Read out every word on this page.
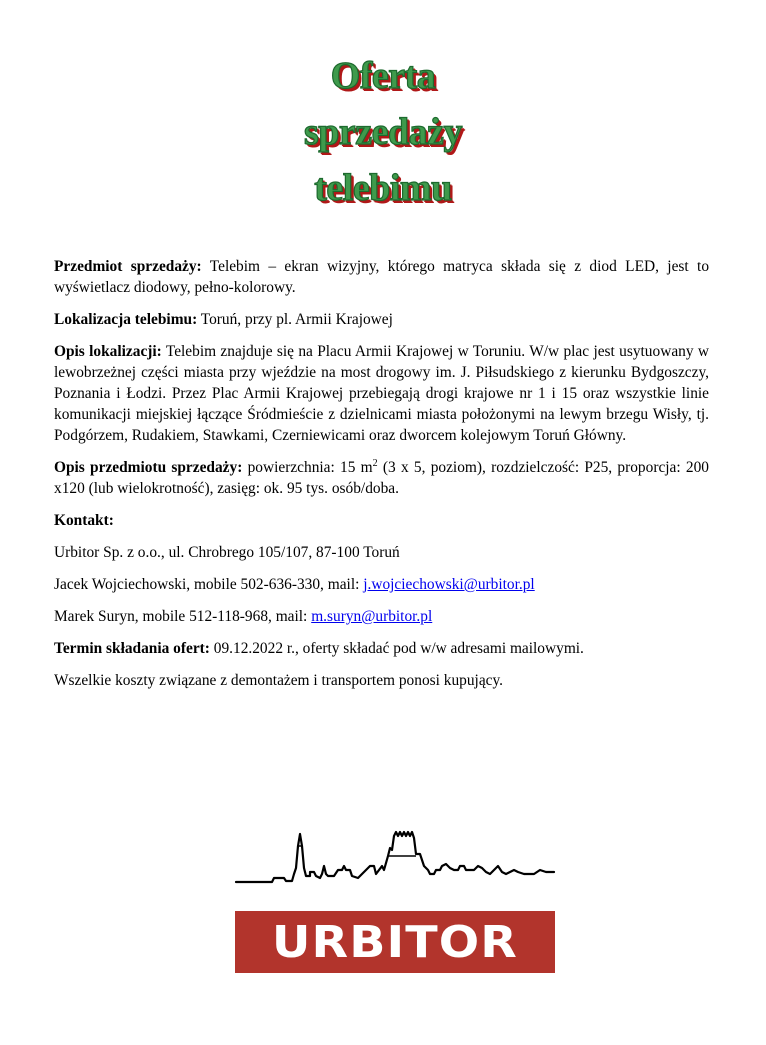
Oferta
sprzedaży
telebimu

Przedmiot sprzedaży: Telebim – ekran wizyjny, którego matryca składa się z diod LED, jest to wyświetlacz diodowy, pełno-kolorowy.

Lokalizacja telebimu: Toruń, przy pl. Armii Krajowej

Opis lokalizacji: Telebim znajduje się na Placu Armii Krajowej w Toruniu. W/w plac jest usytuowany w lewobrzeżnej części miasta przy wjeździe na most drogowy im. J. Piłsudskiego z kierunku Bydgoszczy, Poznania i Łodzi. Przez Plac Armii Krajowej przebiegają drogi krajowe nr 1 i 15 oraz wszystkie linie komunikacji miejskiej łączące Śródmieście z dzielnicami miasta położonymi na lewym brzegu Wisły, tj. Podgórzem, Rudakiem, Stawkami, Czerniewicami oraz dworcem kolejowym Toruń Główny.

Opis przedmiotu sprzedaży: powierzchnia: 15 $m^2$ (3 x 5, poziom), rozdzielczość: P25, proporcja: 200 x120 (lub wielokrotność), zasięg: ok. 95 tys. osób/doba.

Kontakt:

Urbitor Sp. z o.o., ul. Chrobrego 105/107, 87-100 Toruń

Jacek Wojciechowski, mobile 502-636-330, mail: j.wojciechowski@urbitor.pl

Marek Suryn, mobile 512-118-968, mail: m.suryn@urbitor.pl

Termin składania ofert: 09.12.2022 r., oferty składać pod w/w adresami mailowymi.

Wszelkie koszty związane z demontażem i transportem ponosi kupujący.

URBITOR
